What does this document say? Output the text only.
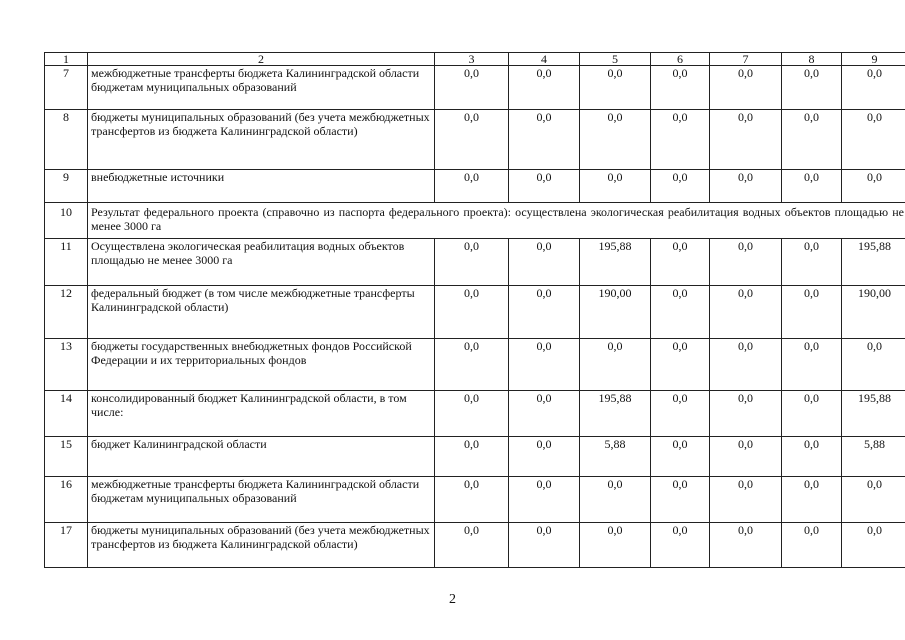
1	2	3	4	5	6	7	8	9
7	межбюджетные трансферты бюджета Калининградской области бюджетам муниципальных образований	0,0	0,0	0,0	0,0	0,0	0,0	0,0
8	бюджеты муниципальных образований (без учета межбюджетных трансфертов из бюджета Калининградской области)	0,0	0,0	0,0	0,0	0,0	0,0	0,0
9	внебюджетные источники	0,0	0,0	0,0	0,0	0,0	0,0	0,0
10	Результат федерального проекта (справочно из паспорта федерального проекта): осуществлена экологическая реабилитация водных объектов площадью не менее 3000 га							
11	Осуществлена экологическая реабилитация водных объектов площадью не менее 3000 га	0,0	0,0	195,88	0,0	0,0	0,0	195,88
12	федеральный бюджет (в том числе межбюджетные трансферты Калининградской области)	0,0	0,0	190,00	0,0	0,0	0,0	190,00
13	бюджеты государственных внебюджетных фондов Российской Федерации и их территориальных фондов	0,0	0,0	0,0	0,0	0,0	0,0	0,0
14	консолидированный бюджет Калининградской области, в том числе:	0,0	0,0	195,88	0,0	0,0	0,0	195,88
15	бюджет Калининградской области	0,0	0,0	5,88	0,0	0,0	0,0	5,88
16	межбюджетные трансферты бюджета Калининградской области бюджетам муниципальных образований	0,0	0,0	0,0	0,0	0,0	0,0	0,0
17	бюджеты муниципальных образований (без учета межбюджетных трансфертов из бюджета Калининградской области)	0,0	0,0	0,0	0,0	0,0	0,0	0,0
2
